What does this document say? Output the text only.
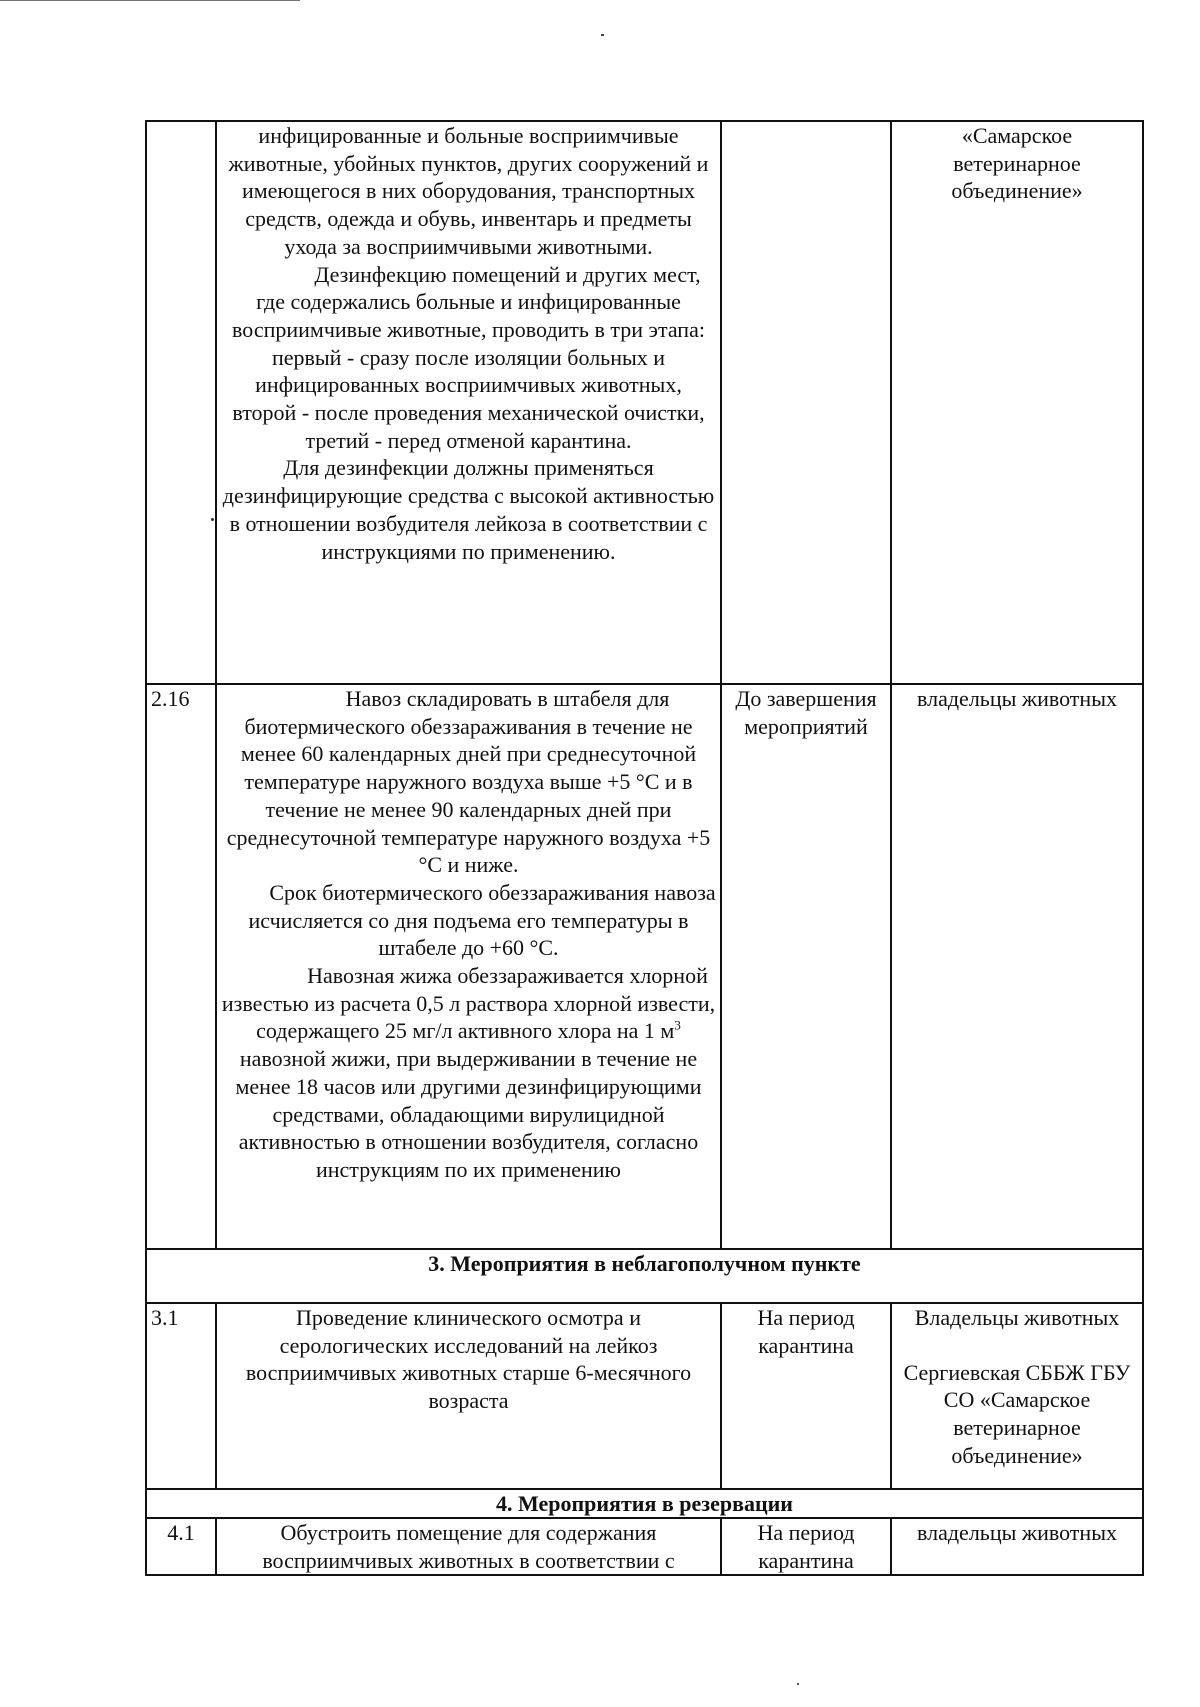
	инфицированные и больные восприимчивые животные, убойных пунктов, других сооружений и имеющегося в них оборудования, транспортных средств, одежда и обувь, инвентарь и предметы ухода за восприимчивыми животными.
Дезинфекцию помещений и других мест, где содержались больные и инфицированные восприимчивые животные, проводить в три этапа: первый - сразу после изоляции больных и инфицированных восприимчивых животных, второй - после проведения механической очистки, третий - перед отменой карантина.
Для дезинфекции должны применяться дезинфицирующие средства с высокой активностью в отношении возбудителя лейкоза в соответствии с инструкциями по применению.		«Самарское ветеринарное объединение»

2.16	Навоз складировать в штабеля для биотермического обеззараживания в течение не менее 60 календарных дней при среднесуточной температуре наружного воздуха выше +5 °С и в течение не менее 90 календарных дней при среднесуточной температуре наружного воздуха +5 °С и ниже.
Срок биотермического обеззараживания навоза исчисляется со дня подъема его температуры в штабеле до +60 °С.
Навозная жижа обеззараживается хлорной известью из расчета 0,5 л раствора хлорной извести, содержащего 25 мг/л активного хлора на 1 $м^3$ навозной жижи, при выдерживании в течение не менее 18 часов или другими дезинфицирующими средствами, обладающими вирулицидной активностью в отношении возбудителя, согласно инструкциям по их применению	До завершения мероприятий	владельцы животных

3. Мероприятия в неблагополучном пункте			
3.1	Проведение клинического осмотра и серологических исследований на лейкоз восприимчивых животных старше 6-месячного возраста	На период карантина	Владельцы животных
Сергиевская СББЖ ГБУ СО «Самарское ветеринарное объединение»

4. Мероприятия в резервации			
4.1	Обустроить помещение для содержания восприимчивых животных в соответствии с	На период карантина	владельцы животных
